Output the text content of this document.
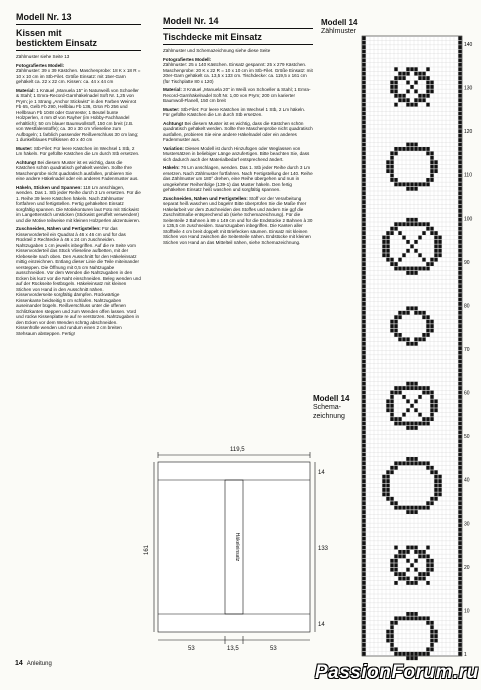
Modell Nr. 13
Kissen mit
besticktem Einsatz

Zählmuster siehe Seite 13

Fotografiertes Modell:
Zählmuster: 39 x 39 Kästchen. Maschenprobe: 18 K x 18 R = 10 x 10 cm im Stb-Filet. Größe Einsatz: mit 15er-Garn gehäkelt ca. 22 x 22 cm. Kissen: ca. 44 x 44 cm

Material: 1 Knäuel „Manuela 15“ in Naturweiß von Schoeller & Stahl; 1 Emra-Record-Garnhäkelnadel Soft Nr. 1,25 von Prym; je 1 Strang „Anchor Stickwist“ in den Farben Weinrot Fb 65, Gelb Fb 290, Hellblau Fb 136, Grün Fb 256 und Hellbraun Fb 1048 oder Garnreste; 1 Beutel bunte Holzperlen, 4 mm Ø von Rayher (im Hobby-Fachhandel erhältlich); 50 cm blauer Baumwollstoff, 150 cm breit (z.B. von Westfalenstoffe); ca. 30 x 30 cm Vlieseline zum Aufbügeln; 1 farblich passender Reißverschluss 30 cm lang; 1 dunkelblaues Füllkissen 40 x 40 cm

Muster: Stb-Filet: Für leere Kästchen im Wechsel 1 Stb, 2 Lm häkeln. Für gefüllte Kästchen die Lm durch Stb ersetzen.

Achtung! Bei diesem Muster ist es wichtig, dass die Kästchen schön quadratisch gehäkelt werden. Sollte Ihre Maschenprobe nicht quadratisch ausfallen, probieren Sie eine andere Häkelnadel oder ein anderes Fadenmuster aus.

Häkeln, Sticken und Spannen: 118 Lm anschlagen, wenden. Das 1. Stb jeder Reihe durch 3 Lm ersetzen. Für die 1. Reihe 39 leere Kästchen häkeln. Nach Zählmuster fortfahren und fertigstellen. Fertig gehäkelten Einsatz sorgfältig spannen. Die Motivkonturen laut Foto mit Stickwist im Langettenstich umsticken (Stickwist geruffelt verwenden!) und die Motive teilweise mit kleinen Holzperlen akzentuieren.

Zuschneiden, Nähen und Fertigstellen: Für das Kissenvorderteil ein Quadrat à 46 x 46 cm und für das Rückteil 2 Rechtecke à 46 x 24 cm zuschneiden. Nahtzugaben 1 cm jeweils inbegriffen. Auf die re Seite vom Kissenvorderteil das Stück Vlieseline aufbetten, mit der Klebeseite nach oben. Den Ausschnitt für den Häkeleinsatz mittig einzeichnen. Entlang dieser Linie die Teile miteinander versteppen. Die Öffnung mit 0,5 cm Nahtzugabe ausschneiden. Vor dem Wenden die Nahtzugaben in den Ecken bis kurz vor die Naht einschneiden. Beleg wenden und auf der Rückseite festbügeln. Häkeleinsatz mit kleinen Stichen von Hand in den Ausschnitt nähen. Kissenvorderseite sorgfältig dämpfen. Rückwärtige Kissenkante beidseitig 5 cm schlafen. Nahtzugaben auseinander bügeln. Reißverschluss unter die offenen Schlitzkanten steppen und zum Wenden offen lassen. Vord und rückw Kissenplatte re auf re verstürzen. Nahtzugaben in den Ecken vor dem Wenden schräg abschneiden. Kissenhülle wenden und rundum einen 2 cm breiten Stehsaum absteppen. Fertig!

Modell Nr. 14
Tischdecke mit Einsatz

Zählmuster und Schemazeichnung siehe diese Seite

Fotografiertes Modell:
Zählmuster: 25 x 140 Kästchen. Einsatz gespannt: 25 x 279 Kästchen. Maschenprobe: 20 K x 22 R = 10 x 10 cm im Stb-Filet. Größe Einsatz: mit 20er-Garn gehäkelt ca. 13,5 x 133 cm. Tischdecke: ca. 119,5 x 161 cm (für Tischplatte 80 x 120)

Material: 3 Knäuel „Manuela 20“ in Weiß von Schoeller & Stahl; 1 Emra-Record-Garnhäkelnadel Soft Nr. 1,00 von Prym; 200 cm karierter Baumwoll-Flanell, 150 cm breit

Muster: Stb-Filet: Für leere Kästchen im Wechsel 1 Stb, 2 Lm häkeln. Für gefüllte Kästchen die Lm durch Stb ersetzen.

Achtung! Bei diesem Muster ist es wichtig, dass die Kästchen schön quadratisch gehäkelt werden. Sollte Ihre Maschenprobe nicht quadratisch ausfallen, probieren Sie eine andere Häkelnadel oder ein anderes Fadenmuster aus.

Variation: Dieses Modell ist durch Hinzufügen oder Weglassen von Mustersätzen in beliebiger Länge anzufertigen. Bitte beachten Sie, dass sich dadurch auch der Materialbedarf entsprechend ändert.

Häkeln: 76 Lm anschlagen, wenden. Das 1. Stb jeder Reihe durch 3 Lm ersetzen. Nach Zählmuster fortfahren. Nach Fertigstellung der 140. Reihe das Zählmuster um 180° drehen, eine Reihe übergehen und nun in umgekehrter Reihenfolge (139-1) das Muster häkeln. Den fertig gehäkelten Einsatz heiß waschen und sorgfältig spannen.

Zuschneiden, Nähen und Fertigstellen: Stoff vor der Verarbeitung separat heiß waschen und bügeln! Bitte überprüfen Sie die Maße Ihrer Häkelarbeit vor dem Zuschneiden des Stoffes und ändern Sie ggf die Zuschnittmaße entsprechend ab (siehe Schemazeichnung). Für die Seitenteile 2 Bahnen à 89 x 149 cm und für die Endstücke 2 Bahnen à 30 x 135,5 cm zuschneiden. Saumzugaben inbegriffen. Die Kanten aller Stoffteile 4 cm breit doppelt mit Briefecken säumen. Einsatz mit kleinen Stichen von Hand zwischen die Seitenteile nähen. Endstücke mit kleinen Stichen von Hand an das Mittelteil nähen, siehe Schemazeichnung.

119,5
161
14
133
14
53	13,5	53
Häkeleinsatz
Modell 14
Zählmuster
Modell 14
Schema-
zeichnung
140
130
120
110
100
90
80
70
60
50
40
30
20
10
1
14 Anleitung	PassionForum.ru
